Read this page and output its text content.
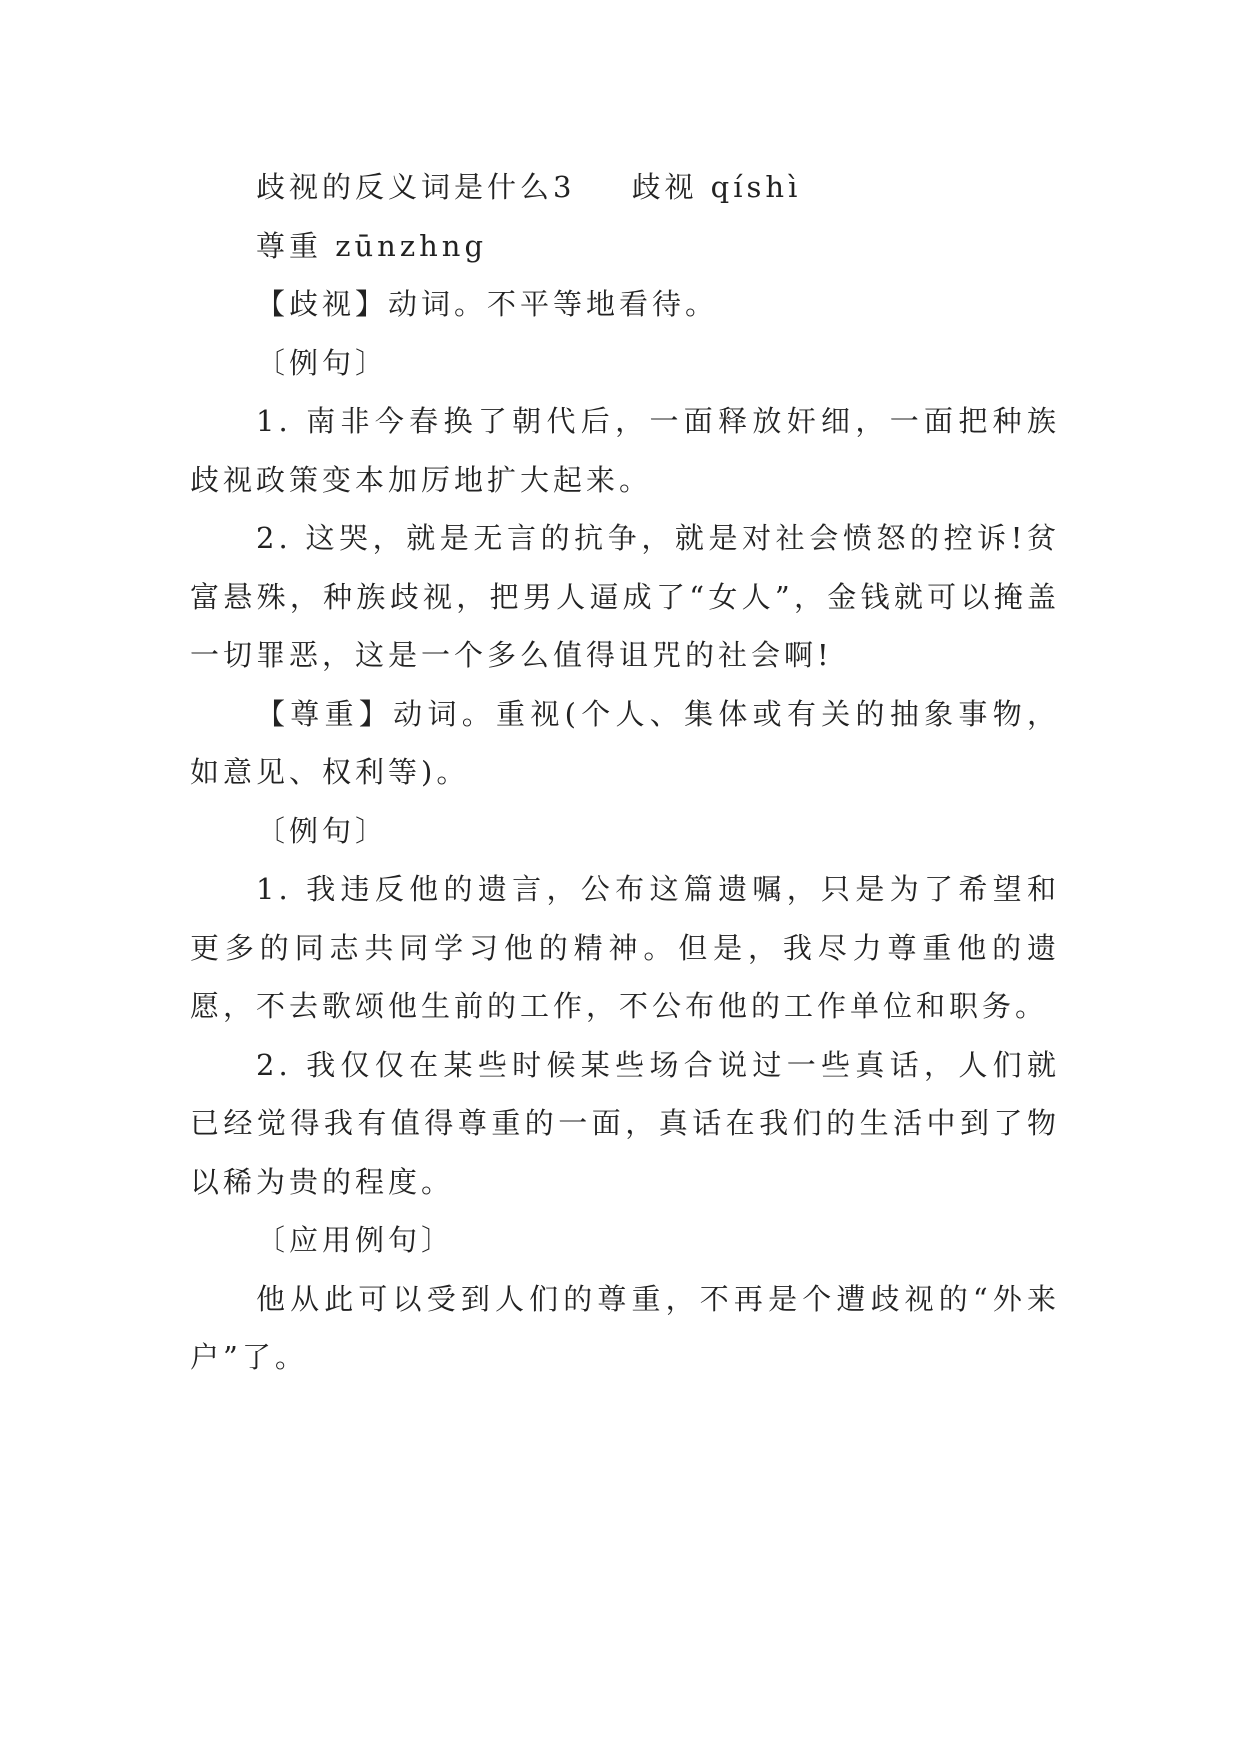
歧视的反义词是什么3 歧视 qíshì

尊重 zūnzhng

【歧视】动词。不平等地看待。

〔例句〕

1. 南非今春换了朝代后，一面释放奸细，一面把种族歧视政策变本加厉地扩大起来。

2. 这哭，就是无言的抗争，就是对社会愤怒的控诉!贫富悬殊，种族歧视，把男人逼成了“女人”，金钱就可以掩盖一切罪恶，这是一个多么值得诅咒的社会啊!

【尊重】动词。重视(个人、集体或有关的抽象事物，如意见、权利等)。

〔例句〕

1. 我违反他的遗言，公布这篇遗嘱，只是为了希望和更多的同志共同学习他的精神。但是，我尽力尊重他的遗愿，不去歌颂他生前的工作，不公布他的工作单位和职务。

2. 我仅仅在某些时候某些场合说过一些真话，人们就已经觉得我有值得尊重的一面，真话在我们的生活中到了物以稀为贵的程度。

〔应用例句〕

他从此可以受到人们的尊重，不再是个遭歧视的“外来户”了。
